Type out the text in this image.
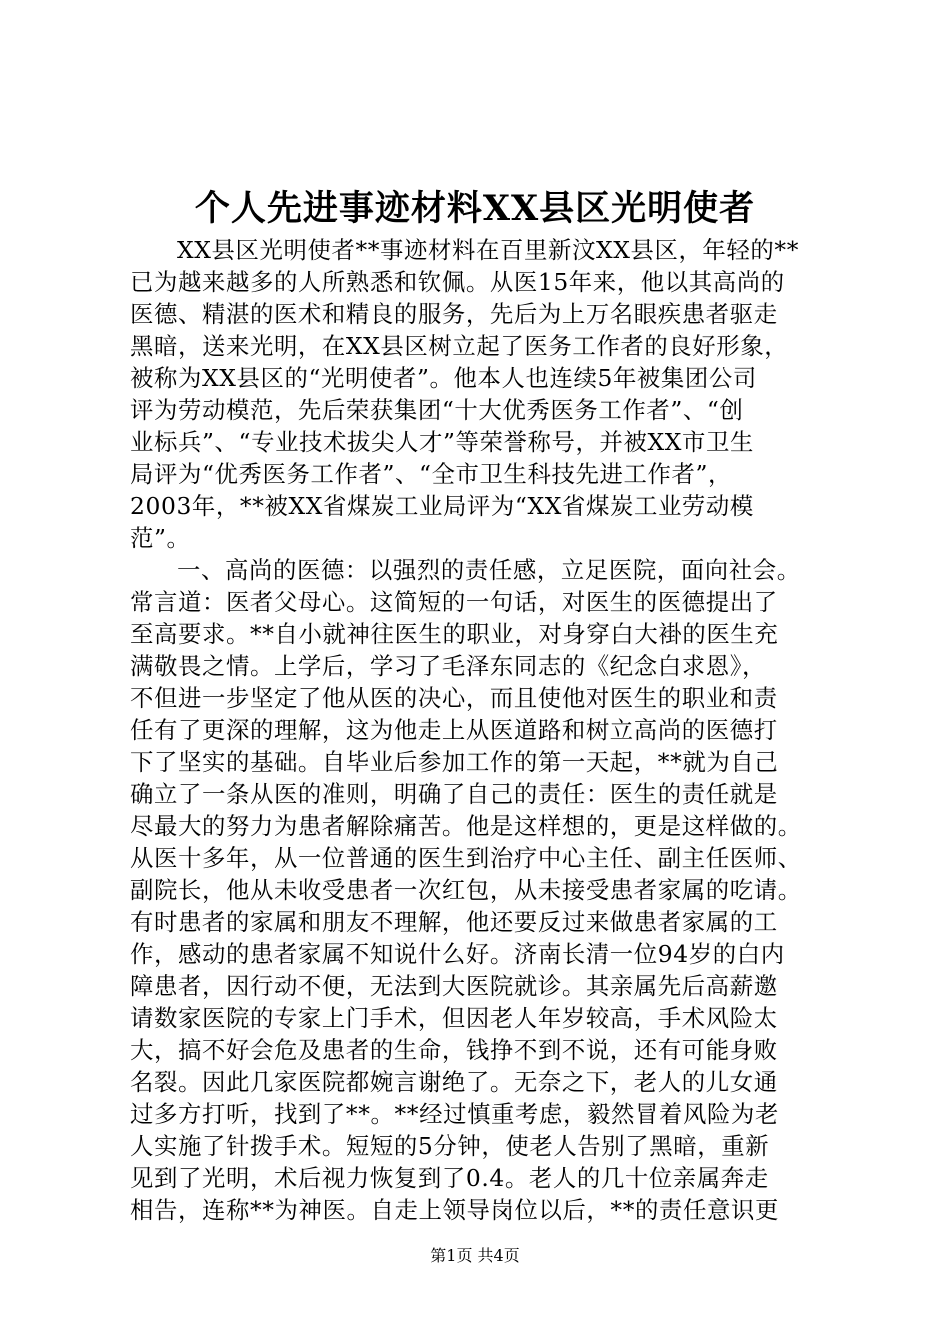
个人先进事迹材料XX县区光明使者
XX县区光明使者**事迹材料在百里新汶XX县区，年轻的**
已为越来越多的人所熟悉和钦佩。从医15年来，他以其高尚的
医德、精湛的医术和精良的服务，先后为上万名眼疾患者驱走
黑暗，送来光明，在XX县区树立起了医务工作者的良好形象，
被称为XX县区的“光明使者”。他本人也连续5年被集团公司
评为劳动模范，先后荣获集团“十大优秀医务工作者”、“创
业标兵”、“专业技术拔尖人才”等荣誉称号，并被XX市卫生
局评为“优秀医务工作者”、“全市卫生科技先进工作者”，
2003年，**被XX省煤炭工业局评为“XX省煤炭工业劳动模
范”。
一、高尚的医德：以强烈的责任感，立足医院，面向社会。
常言道：医者父母心。这简短的一句话，对医生的医德提出了
至高要求。**自小就神往医生的职业，对身穿白大褂的医生充
满敬畏之情。上学后，学习了毛泽东同志的《纪念白求恩》，
不但进一步坚定了他从医的决心，而且使他对医生的职业和责
任有了更深的理解，这为他走上从医道路和树立高尚的医德打
下了坚实的基础。自毕业后参加工作的第一天起，**就为自己
确立了一条从医的准则，明确了自己的责任：医生的责任就是
尽最大的努力为患者解除痛苦。他是这样想的，更是这样做的。
从医十多年，从一位普通的医生到治疗中心主任、副主任医师、
副院长，他从未收受患者一次红包，从未接受患者家属的吃请。
有时患者的家属和朋友不理解，他还要反过来做患者家属的工
作，感动的患者家属不知说什么好。济南长清一位94岁的白内
障患者，因行动不便，无法到大医院就诊。其亲属先后高薪邀
请数家医院的专家上门手术，但因老人年岁较高，手术风险太
大，搞不好会危及患者的生命，钱挣不到不说，还有可能身败
名裂。因此几家医院都婉言谢绝了。无奈之下，老人的儿女通
过多方打听，找到了**。**经过慎重考虑，毅然冒着风险为老
人实施了针拨手术。短短的5分钟，使老人告别了黑暗，重新
见到了光明，术后视力恢复到了0.4。老人的几十位亲属奔走
相告，连称**为神医。自走上领导岗位以后，**的责任意识更
第1页 共4页
